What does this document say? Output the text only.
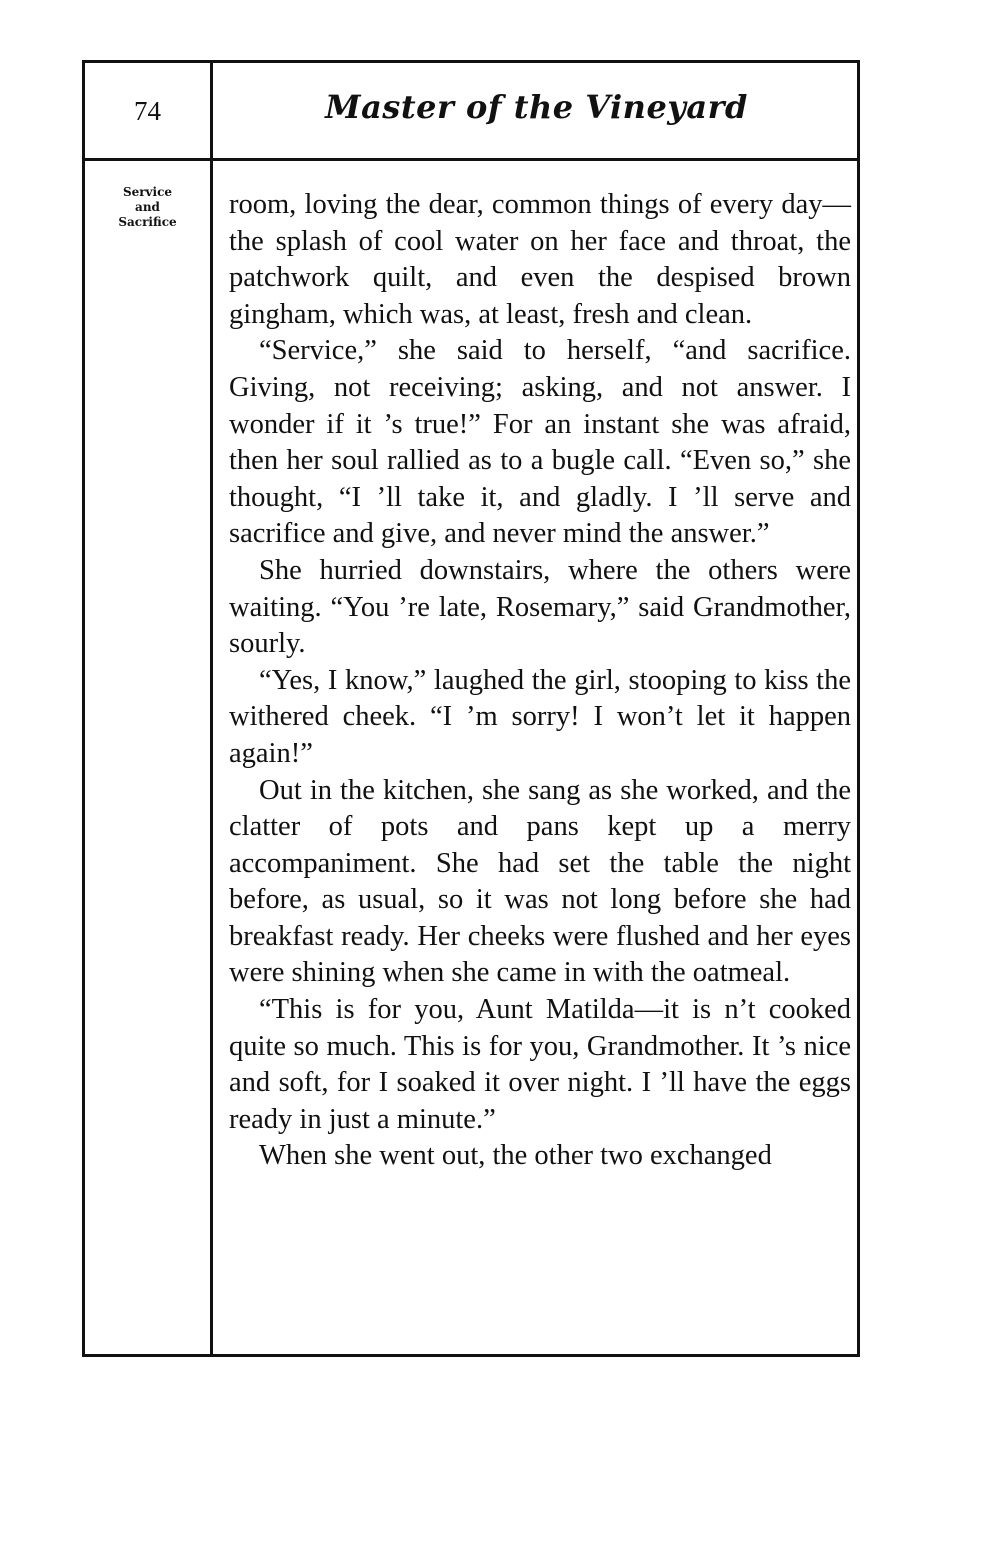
74	Master of the Vineyard
Service
and
Sacrifice

room, loving the dear, common things of every day—the splash of cool water on her face and throat, the patchwork quilt, and even the despised brown gingham, which was, at least, fresh and clean.

“Service,” she said to herself, “and sacrifice. Giving, not receiving; asking, and not answer. I wonder if it ’s true!” For an instant she was afraid, then her soul rallied as to a bugle call. “Even so,” she thought, “I ’ll take it, and gladly. I ’ll serve and sacrifice and give, and never mind the answer.”

She hurried downstairs, where the others were waiting. “You ’re late, Rosemary,” said Grandmother, sourly.

“Yes, I know,” laughed the girl, stooping to kiss the withered cheek. “I ’m sorry! I won’t let it happen again!”

Out in the kitchen, she sang as she worked, and the clatter of pots and pans kept up a merry accompaniment. She had set the table the night before, as usual, so it was not long before she had breakfast ready. Her cheeks were flushed and her eyes were shining when she came in with the oatmeal.

“This is for you, Aunt Matilda—it is n’t cooked quite so much. This is for you, Grandmother. It ’s nice and soft, for I soaked it over night. I ’ll have the eggs ready in just a minute.”

When she went out, the other two exchanged
